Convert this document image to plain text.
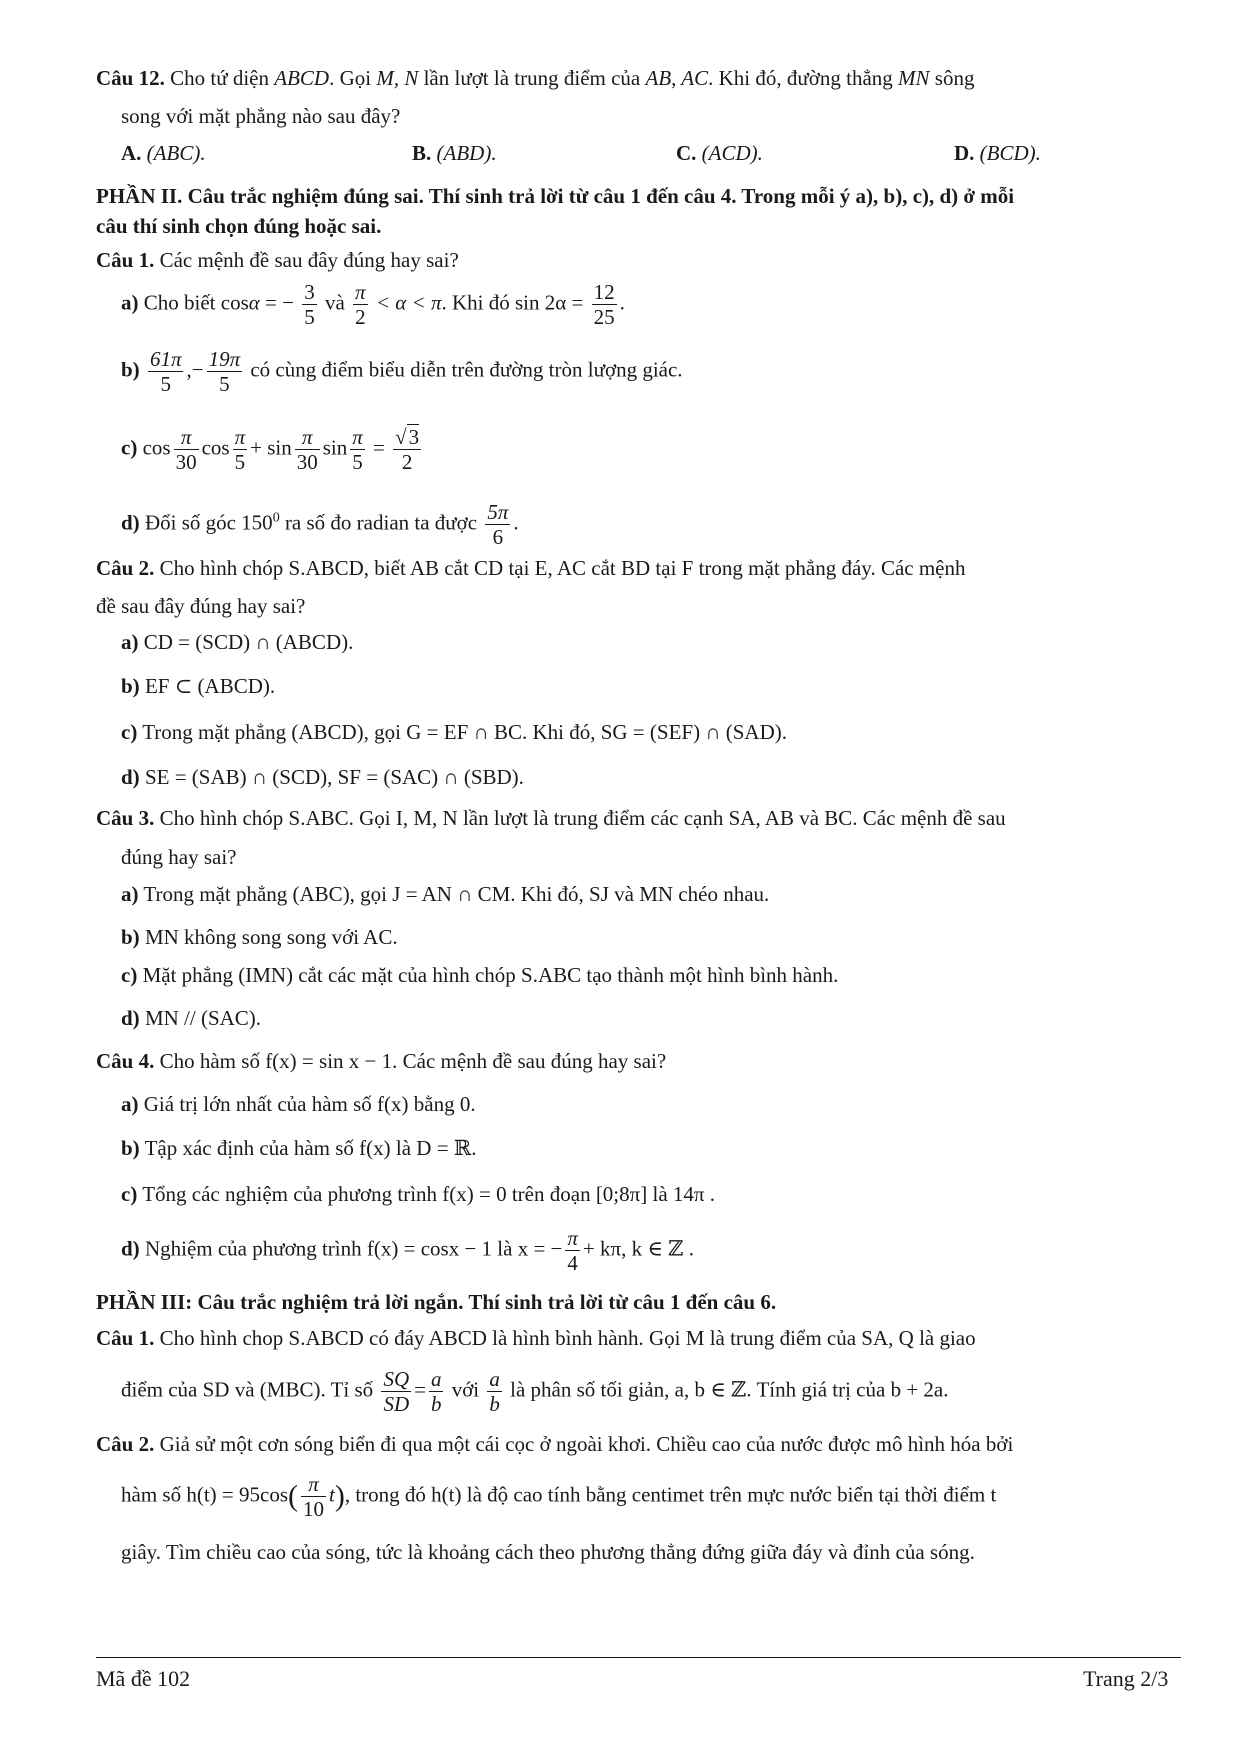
Câu 12. Cho tứ diện ABCD. Gọi M, N lần lượt là trung điểm của AB, AC. Khi đó, đường thẳng MN sông
song với mặt phẳng nào sau đây?
A. (ABC).	B. (ABD).	C. (ACD).	D. (BCD).
PHẦN II. Câu trắc nghiệm đúng sai. Thí sinh trả lời từ câu 1 đến câu 4. Trong mỗi ý a), b), c), d) ở mỗi
câu thí sinh chọn đúng hoặc sai.
Câu 1. Các mệnh đề sau đây đúng hay sai?
a) Cho biết cosα = − $\frac{3}{5}$ và $\frac{\pi}{2} < \alpha < \pi$. Khi đó $\sin 2\alpha = \frac{12}{25}$ .
$b) \frac{61\pi}{5}$ ,− $\frac{19\pi}{5}$ có cùng điểm biểu diễn trên đường tròn lượng giác.
c) $\cos \frac{\pi}{30}$ $\cos \frac{\pi}{5} + \sin \frac{\pi}{30}$ $\sin \frac{\pi}{5} = \frac{√3}{2}$
d) Đổi số góc $150^0$ ra số đo radian ta được $\frac{5\pi}{6}$ .
Câu 2. Cho hình chóp S.ABCD, biết AB cắt CD tại E, AC cắt BD tại F trong mặt phẳng đáy. Các mệnh
đề sau đây đúng hay sai?
a) CD = (SCD) ∩ (ABCD).
b) EF ⊂ (ABCD).
c) Trong mặt phẳng (ABCD), gọi G = EF ∩ BC. Khi đó, SG = (SEF) ∩ (SAD).
d) SE = (SAB) ∩ (SCD), SF = (SAC) ∩ (SBD).
Câu 3. Cho hình chóp S.ABC. Gọi I, M, N lần lượt là trung điểm các cạnh SA, AB và BC. Các mệnh đề sau
đúng hay sai?
a) Trong mặt phẳng (ABC), gọi J = AN ∩ CM. Khi đó, SJ và MN chéo nhau.
b) MN không song song với AC.
c) Mặt phẳng (IMN) cắt các mặt của hình chóp S.ABC tạo thành một hình bình hành.
d) MN // (SAC).
Câu 4. Cho hàm số f(x) = sin x − 1. Các mệnh đề sau đúng hay sai?
a) Giá trị lớn nhất của hàm số f(x) bằng 0.
b) Tập xác định của hàm số f(x) là D = ℝ.
c) Tổng các nghiệm của phương trình f(x) = 0 trên đoạn [0;8π] là 14π .
d) Nghiệm của phương trình f(x) = cosx − 1 là x = − $\frac{\pi}{4} + k\pi$, k ∈ ℤ .
PHẦN III: Câu trắc nghiệm trả lời ngắn. Thí sinh trả lời từ câu 1 đến câu 6.
Câu 1. Cho hình chop S.ABCD có đáy ABCD là hình bình hành. Gọi M là trung điểm của SA, Q là giao
điểm của SD và (MBC). Tỉ số $\frac{SQ}{SD} = \frac{a}{b}$ với $\frac{a}{b}$ là phân số tối giản, a, b ∈ ℤ. Tính giá trị của b + 2a.
Câu 2. Giả sử một cơn sóng biển đi qua một cái cọc ở ngoài khơi. Chiều cao của nước được mô hình hóa bởi
hàm số $h(t) = 95\cos( \frac{\pi}{10} t)$, trong đó h(t) là độ cao tính bằng centimet trên mực nước biển tại thời điểm t
giây. Tìm chiều cao của sóng, tức là khoảng cách theo phương thẳng đứng giữa đáy và đỉnh của sóng.
Mã đề 102	Trang 2/3
